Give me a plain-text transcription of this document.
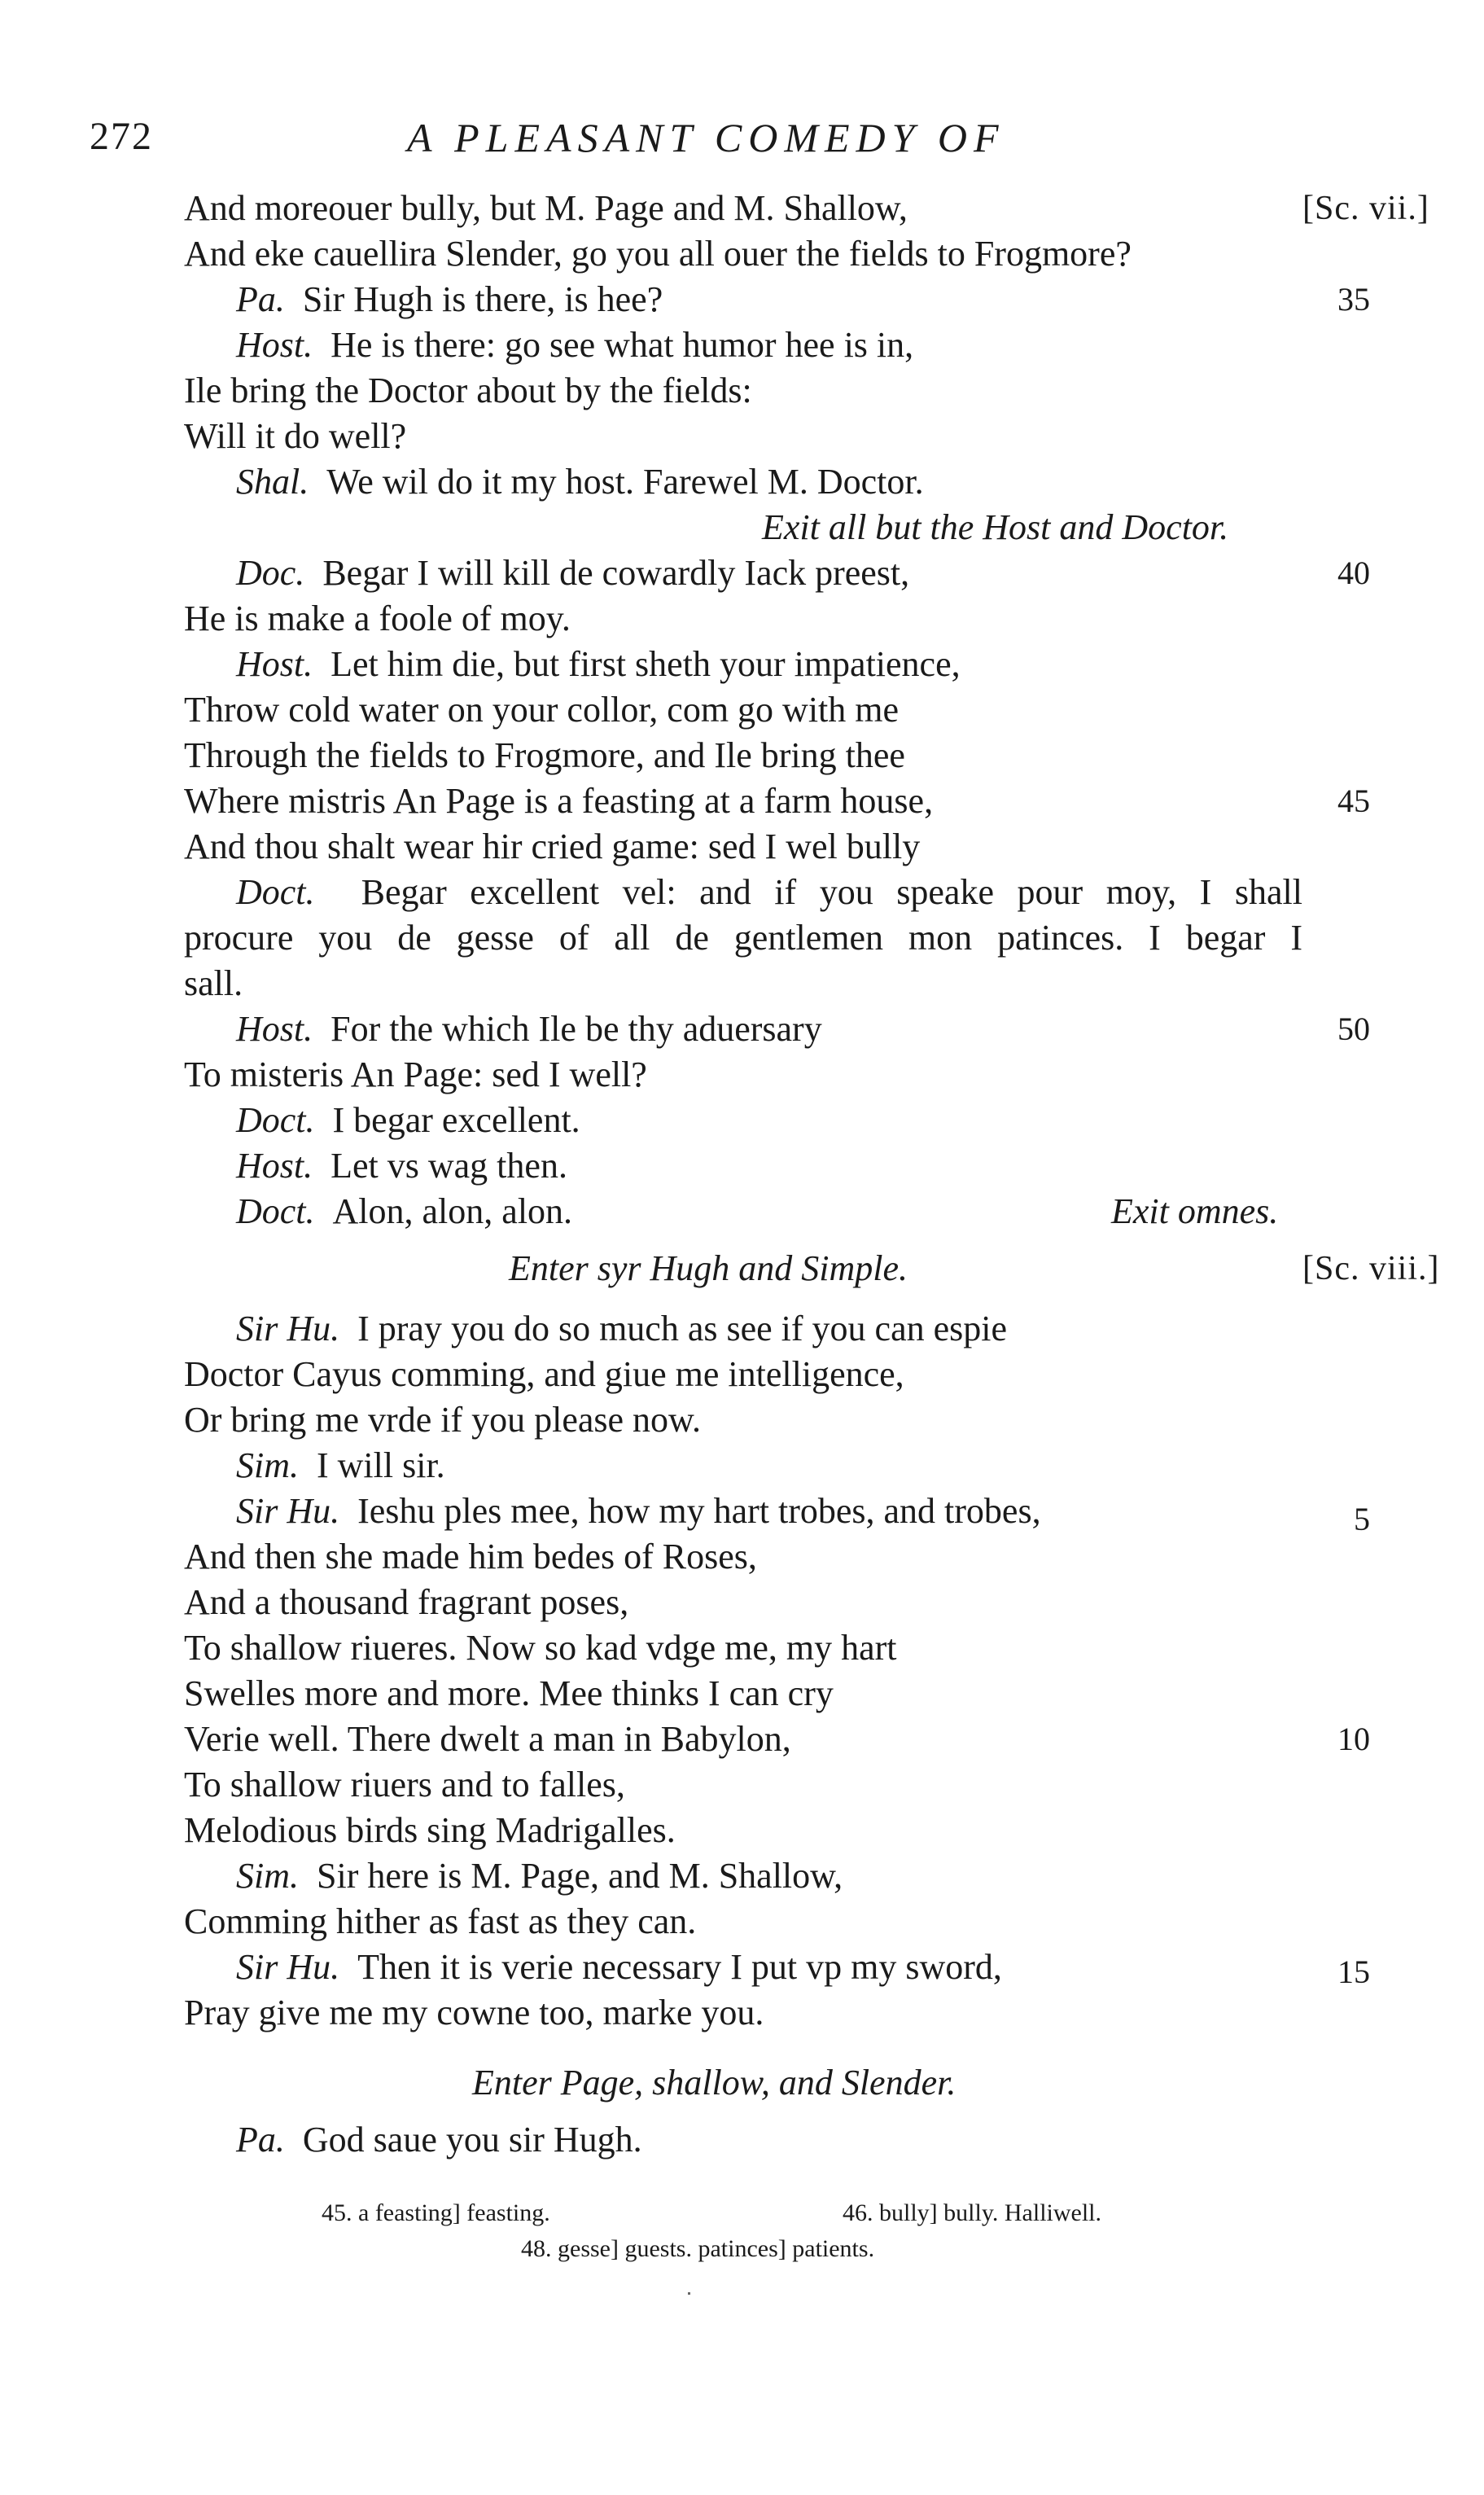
272	A PLEASANT COMEDY OF
[Sc. vii.]
And moreouer bully, but M. Page and M. Shallow,
And eke cauellira Slender, go you all ouer the fields to Frogmore?
Pa. Sir Hugh is there, is hee?	35
Host. He is there: go see what humor hee is in,
Ile bring the Doctor about by the fields:
Will it do well?
Shal. We wil do it my host. Farewel M. Doctor.
Exit all but the Host and Doctor.
Doc. Begar I will kill de cowardly Iack preest,	40
He is make a foole of moy.
Host. Let him die, but first sheth your impatience,
Throw cold water on your collor, com go with me
Through the fields to Frogmore, and Ile bring thee
Where mistris An Page is a feasting at a farm house,	45
And thou shalt wear hir cried game: sed I wel bully
Doct. Begar excellent vel: and if you speake pour moy, I shall
procure you de gesse of all de gentlemen mon patinces. I begar I
sall.
Host. For the which Ile be thy aduersary	50
To misteris An Page: sed I well?
Doct. I begar excellent.
Host. Let vs wag then.
Doct. Alon, alon, alon.	Exit omnes.
Enter syr Hugh and Simple.	[Sc. viii.]
Sir Hu. I pray you do so much as see if you can espie
Doctor Cayus comming, and giue me intelligence,
Or bring me vrde if you please now.
Sim. I will sir.
Sir Hu. Ieshu ples mee, how my hart trobes, and trobes,	5
And then she made him bedes of Roses,
And a thousand fragrant poses,
To shallow riueres. Now so kad vdge me, my hart
Swelles more and more. Mee thinks I can cry
Verie well. There dwelt a man in Babylon,	10
To shallow riuers and to falles,
Melodious birds sing Madrigalles.
Sim. Sir here is M. Page, and M. Shallow,
Comming hither as fast as they can.
Sir Hu. Then it is verie necessary I put vp my sword,	15
Pray give me my cowne too, marke you.
Enter Page, shallow, and Slender.
Pa. God saue you sir Hugh.
45. a feasting] feasting.	46. bully] bully. Halliwell.
48. gesse] guests. patinces] patients.
